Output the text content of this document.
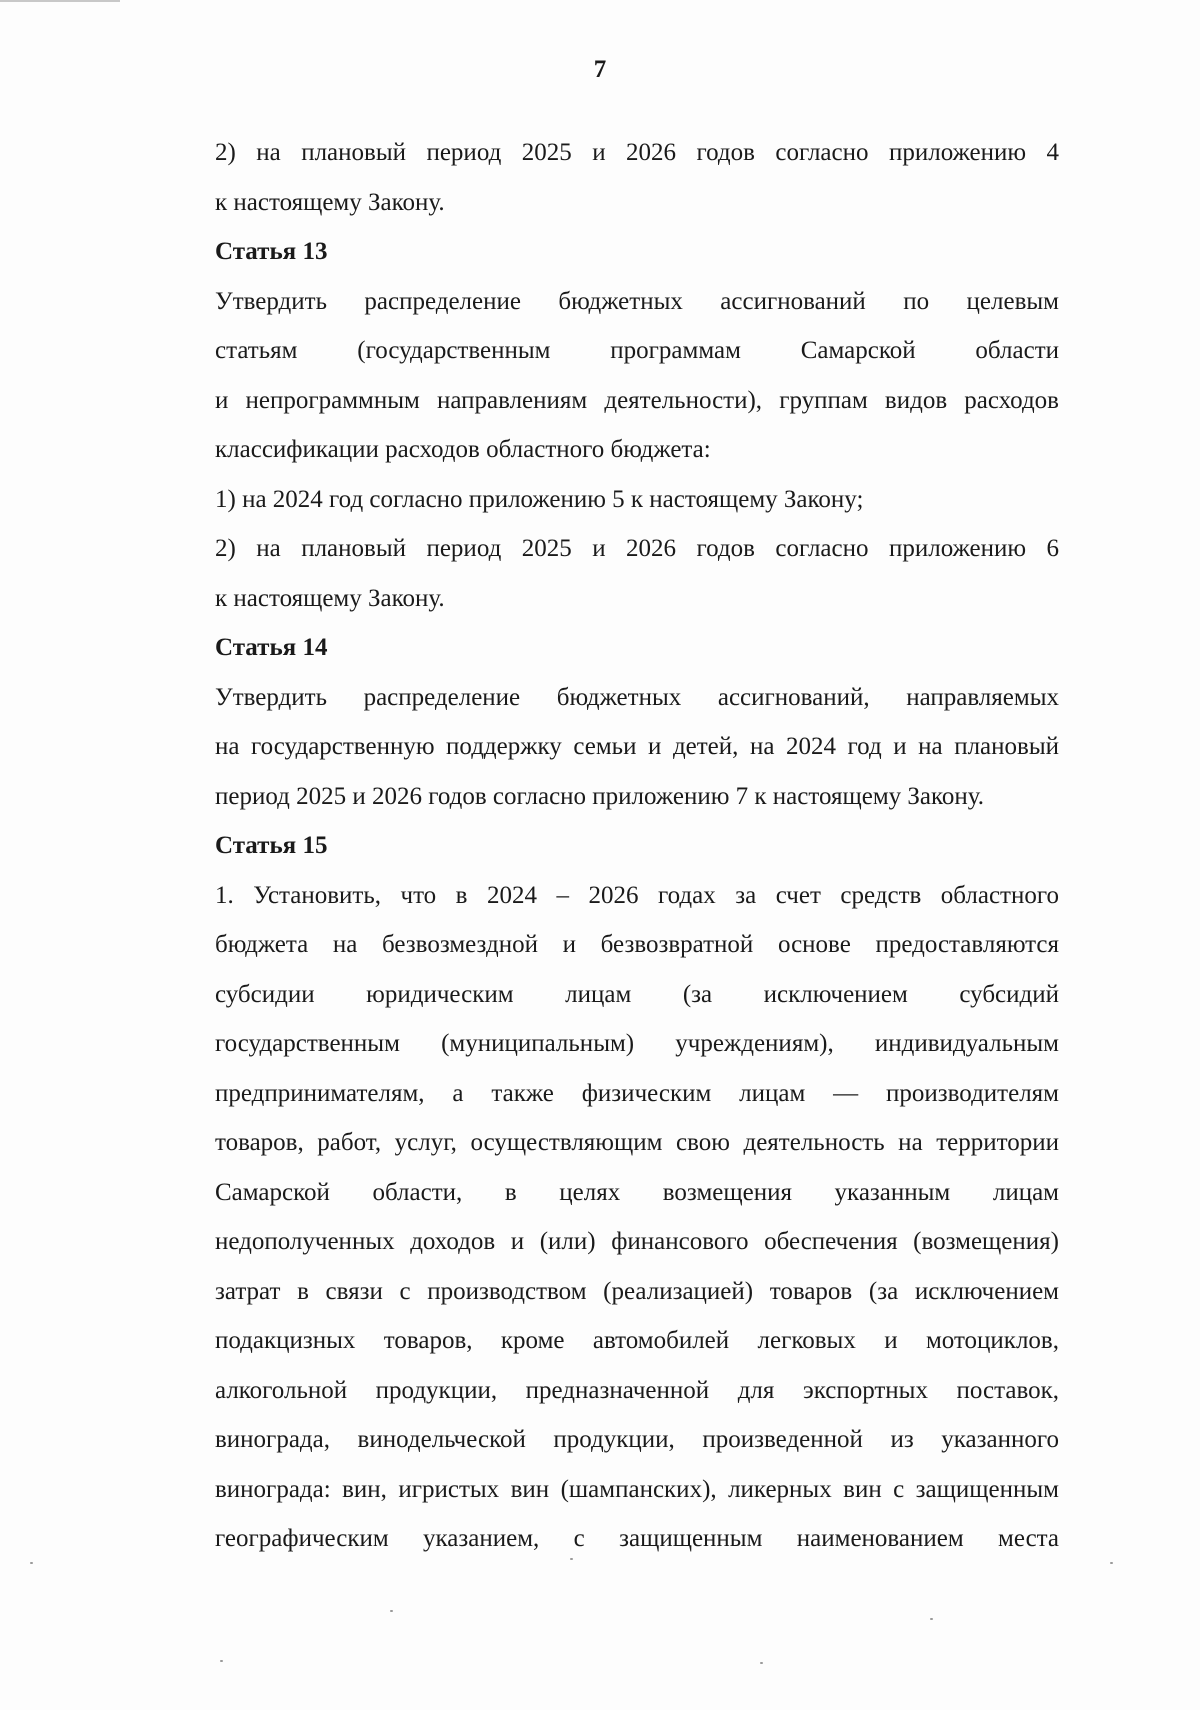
7
2) на плановый период 2025 и 2026 годов согласно приложению 4
к настоящему Закону.
Статья 13
Утвердить распределение бюджетных ассигнований по целевым
статьям (государственным программам Самарской области
и непрограммным направлениям деятельности), группам видов расходов
классификации расходов областного бюджета:
1) на 2024 год согласно приложению 5 к настоящему Закону;
2) на плановый период 2025 и 2026 годов согласно приложению 6
к настоящему Закону.
Статья 14
Утвердить распределение бюджетных ассигнований, направляемых
на государственную поддержку семьи и детей, на 2024 год и на плановый
период 2025 и 2026 годов согласно приложению 7 к настоящему Закону.
Статья 15
1. Установить, что в 2024 – 2026 годах за счет средств областного
бюджета на безвозмездной и безвозвратной основе предоставляются
субсидии юридическим лицам (за исключением субсидий
государственным (муниципальным) учреждениям), индивидуальным
предпринимателям, а также физическим лицам — производителям
товаров, работ, услуг, осуществляющим свою деятельность на территории
Самарской области, в целях возмещения указанным лицам
недополученных доходов и (или) финансового обеспечения (возмещения)
затрат в связи с производством (реализацией) товаров (за исключением
подакцизных товаров, кроме автомобилей легковых и мотоциклов,
алкогольной продукции, предназначенной для экспортных поставок,
винограда, винодельческой продукции, произведенной из указанного
винограда: вин, игристых вин (шампанских), ликерных вин с защищенным
географическим указанием, с защищенным наименованием места
